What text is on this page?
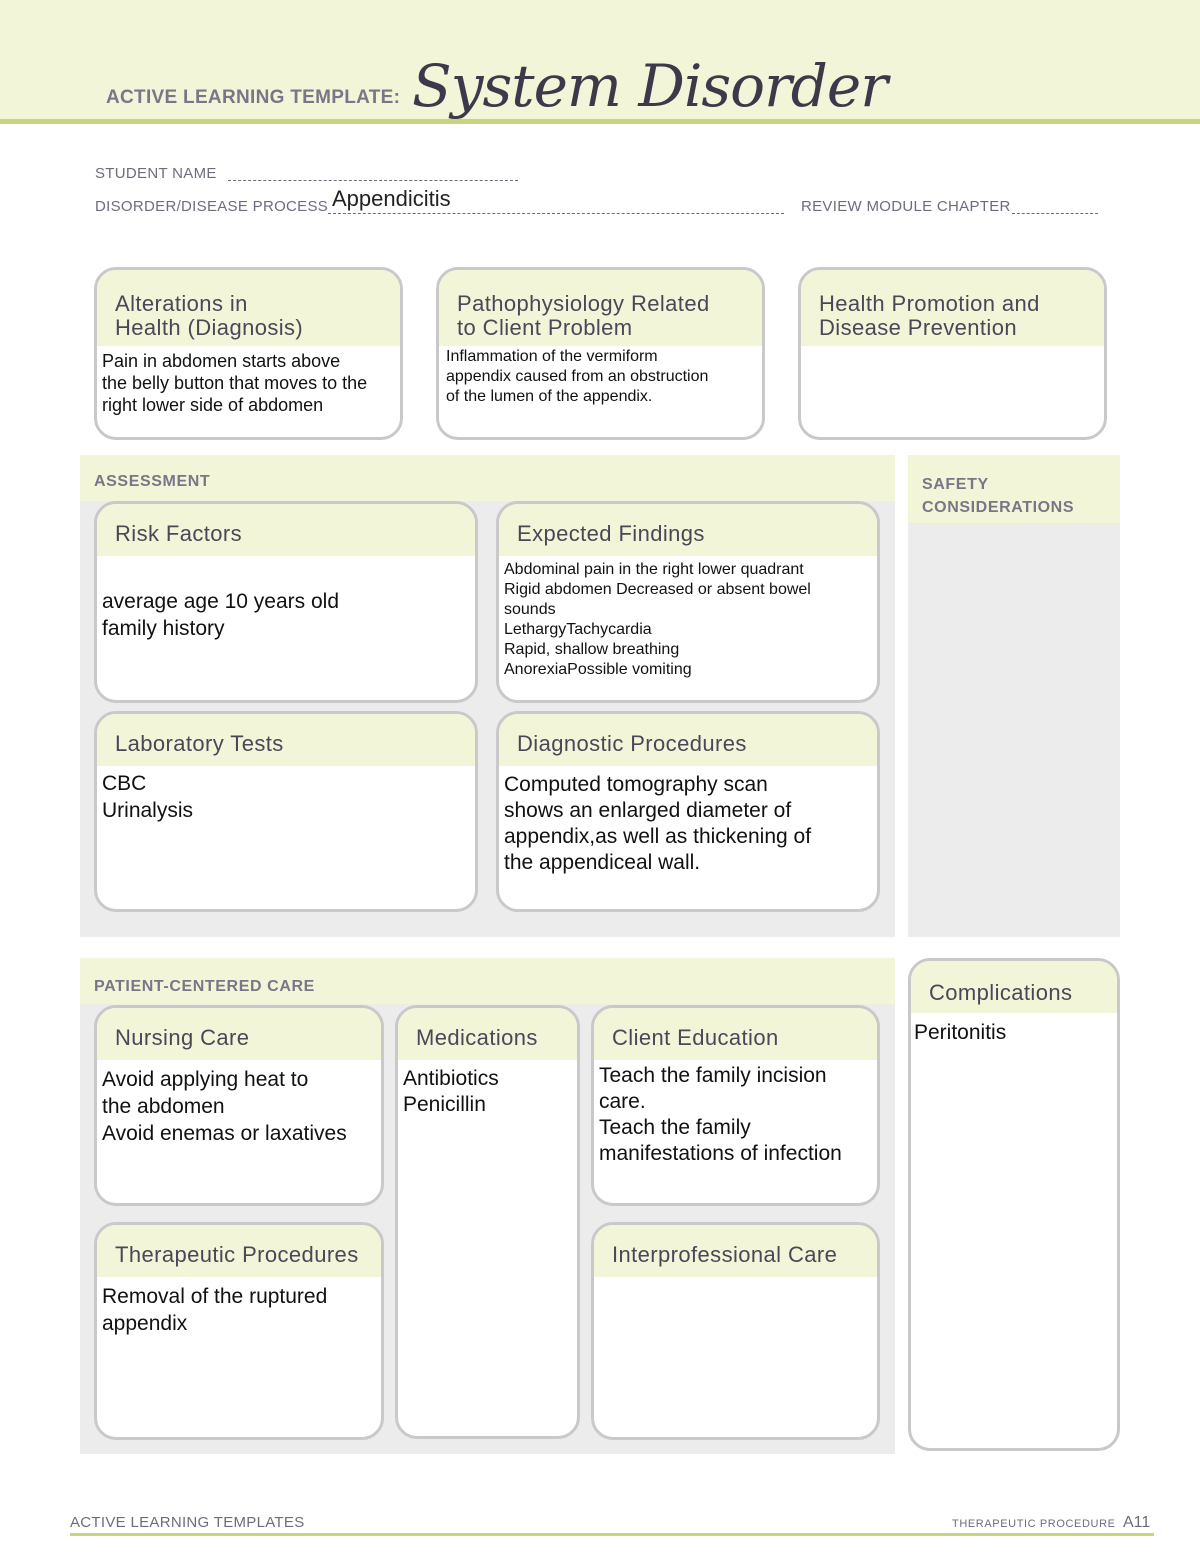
ACTIVE LEARNING TEMPLATE: System Disorder
STUDENT NAME
DISORDER/DISEASE PROCESS Appendicitis	REVIEW MODULE CHAPTER
Alterations in
Health (Diagnosis)
Pain in abdomen starts above
the belly button that moves to the
right lower side of abdomen
Pathophysiology Related
to Client Problem
Inflammation of the vermiform
appendix caused from an obstruction
of the lumen of the appendix.
Health Promotion and
Disease Prevention
ASSESSMENT
Risk Factors
average age 10 years old
family history
Expected Findings
Abdominal pain in the right lower quadrant
Rigid abdomen Decreased or absent bowel
sounds
LethargyTachycardia
Rapid, shallow breathing
AnorexiaPossible vomiting
Laboratory Tests
CBC
Urinalysis
Diagnostic Procedures
Computed tomography scan
shows an enlarged diameter of
appendix,as well as thickening of
the appendiceal wall.
SAFETY
CONSIDERATIONS
PATIENT-CENTERED CARE
Nursing Care
Avoid applying heat to
the abdomen
Avoid enemas or laxatives
Medications
Antibiotics
Penicillin
Client Education
Teach the family incision
care.
Teach the family
manifestations of infection
Therapeutic Procedures
Removal of the ruptured
appendix
Interprofessional Care
Complications
Peritonitis
ACTIVE LEARNING TEMPLATES	THERAPEUTIC PROCEDURE A11
